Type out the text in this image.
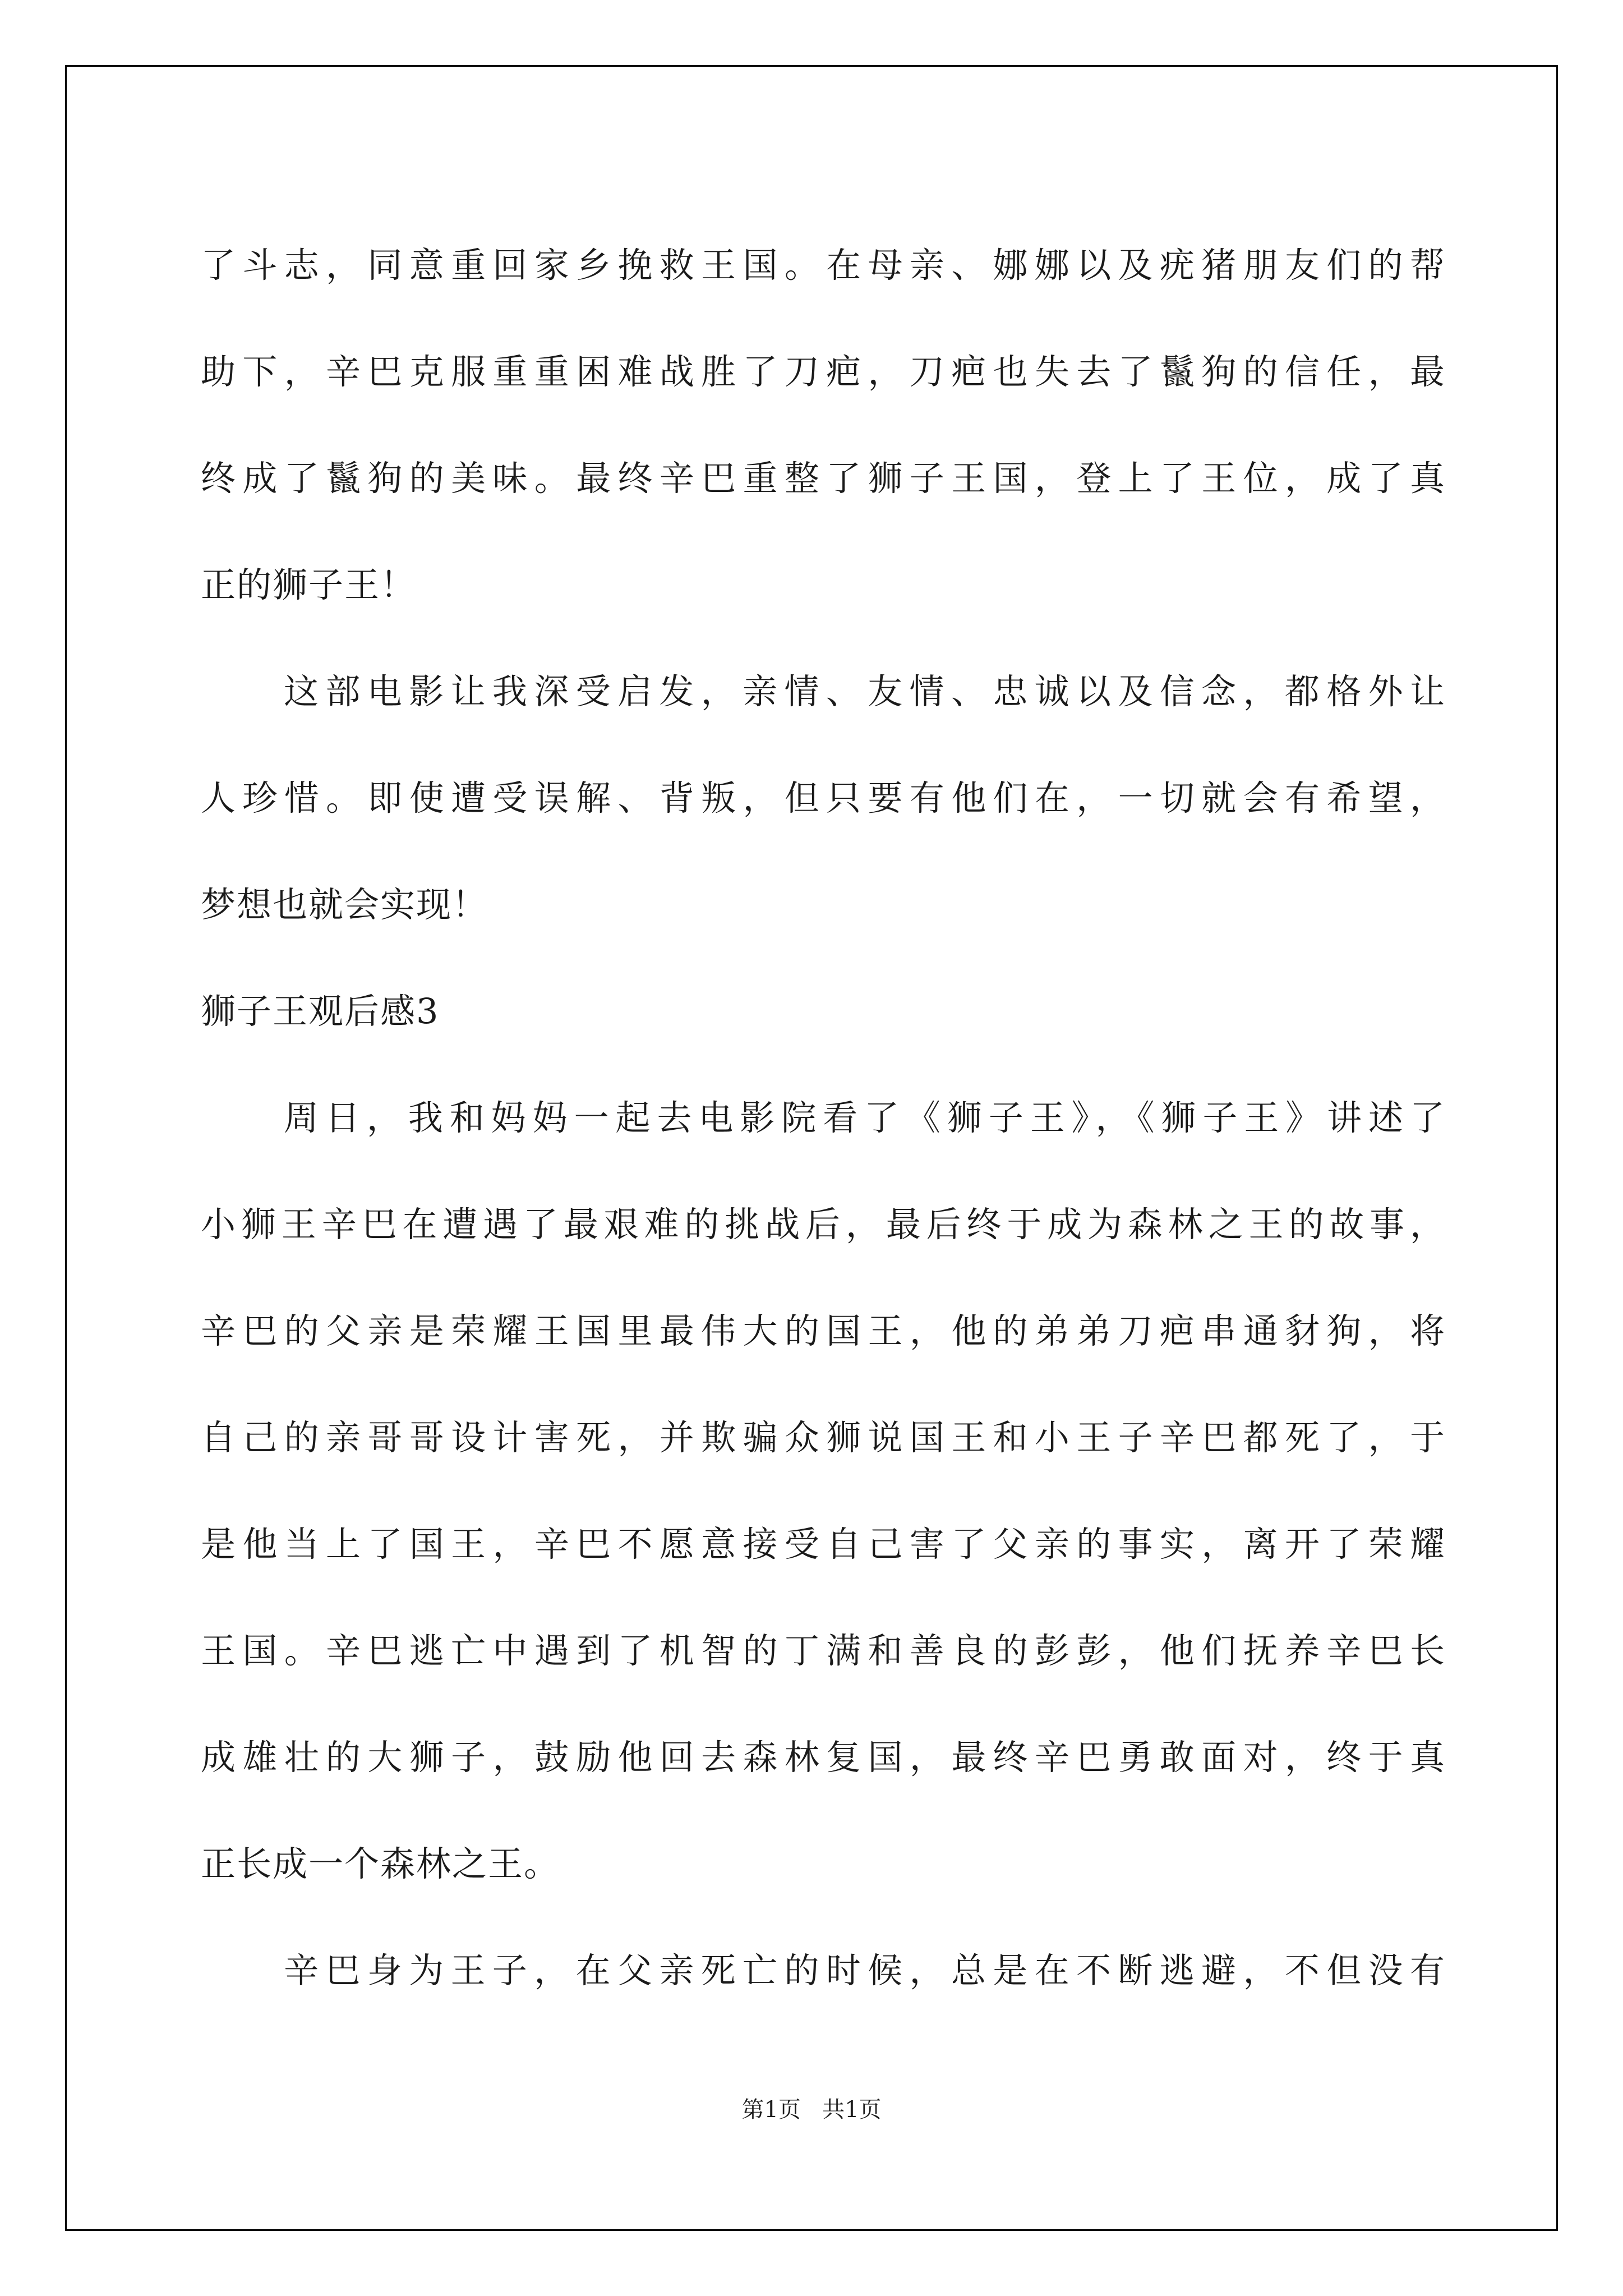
了斗志，同意重回家乡挽救王国。在母亲、娜娜以及疣猪朋友们的帮

助下，辛巴克服重重困难战胜了刀疤，刀疤也失去了鬣狗的信任，最

终成了鬣狗的美味。最终辛巴重整了狮子王国，登上了王位，成了真

正的狮子王！

这部电影让我深受启发，亲情、友情、忠诚以及信念，都格外让

人珍惜。即使遭受误解、背叛，但只要有他们在，一切就会有希望，

梦想也就会实现！

狮子王观后感3

周日，我和妈妈一起去电影院看了《狮子王》，《狮子王》讲述了

小狮王辛巴在遭遇了最艰难的挑战后，最后终于成为森林之王的故事，

辛巴的父亲是荣耀王国里最伟大的国王，他的弟弟刀疤串通豺狗，将

自己的亲哥哥设计害死，并欺骗众狮说国王和小王子辛巴都死了，于

是他当上了国王，辛巴不愿意接受自己害了父亲的事实，离开了荣耀

王国。辛巴逃亡中遇到了机智的丁满和善良的彭彭，他们抚养辛巴长

成雄壮的大狮子，鼓励他回去森林复国，最终辛巴勇敢面对，终于真

正长成一个森林之王。

辛巴身为王子，在父亲死亡的时候，总是在不断逃避，不但没有

第1页 共1页
